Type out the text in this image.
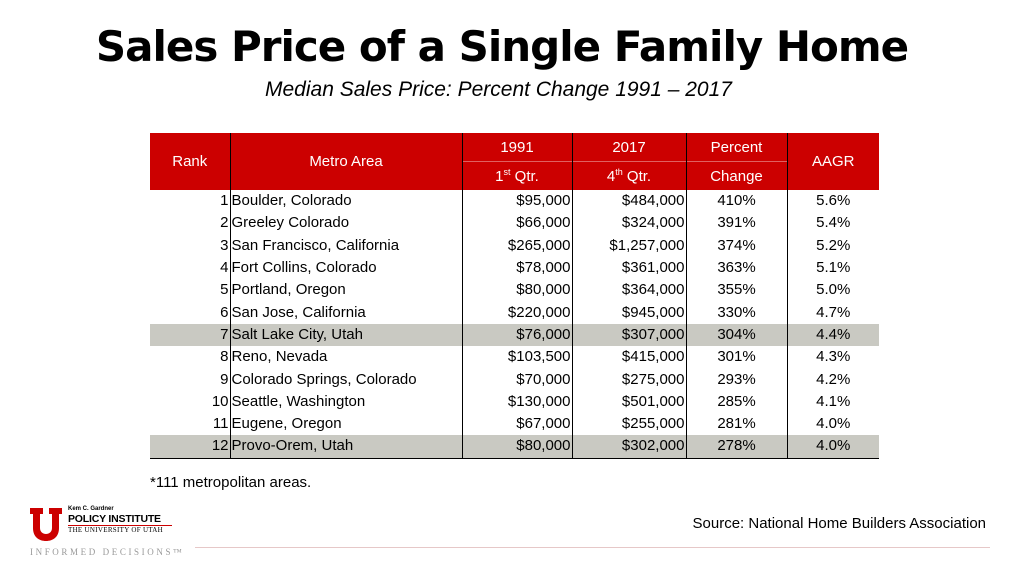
Sales Price of a Single Family Home
Median Sales Price: Percent Change 1991 – 2017
Rank	Metro Area	1991	2017	Percent	AAGR
		1st Qtr.	4th Qtr.	Change	
1	Boulder, Colorado	$95,000	$484,000	410%	5.6%
2	Greeley Colorado	$66,000	$324,000	391%	5.4%
3	San Francisco, California	$265,000	$1,257,000	374%	5.2%
4	Fort Collins, Colorado	$78,000	$361,000	363%	5.1%
5	Portland, Oregon	$80,000	$364,000	355%	5.0%
6	San Jose, California	$220,000	$945,000	330%	4.7%
7	Salt Lake City, Utah	$76,000	$307,000	304%	4.4%
8	Reno, Nevada	$103,500	$415,000	301%	4.3%
9	Colorado Springs, Colorado	$70,000	$275,000	293%	4.2%
10	Seattle, Washington	$130,000	$501,000	285%	4.1%
11	Eugene, Oregon	$67,000	$255,000	281%	4.0%
12	Provo-Orem, Utah	$80,000	$302,000	278%	4.0%
*111 metropolitan areas.
Source: National Home Builders Association
Kem C. Gardner
POLICY INSTITUTE
THE UNIVERSITY OF UTAH
INFORMED DECISIONS™
